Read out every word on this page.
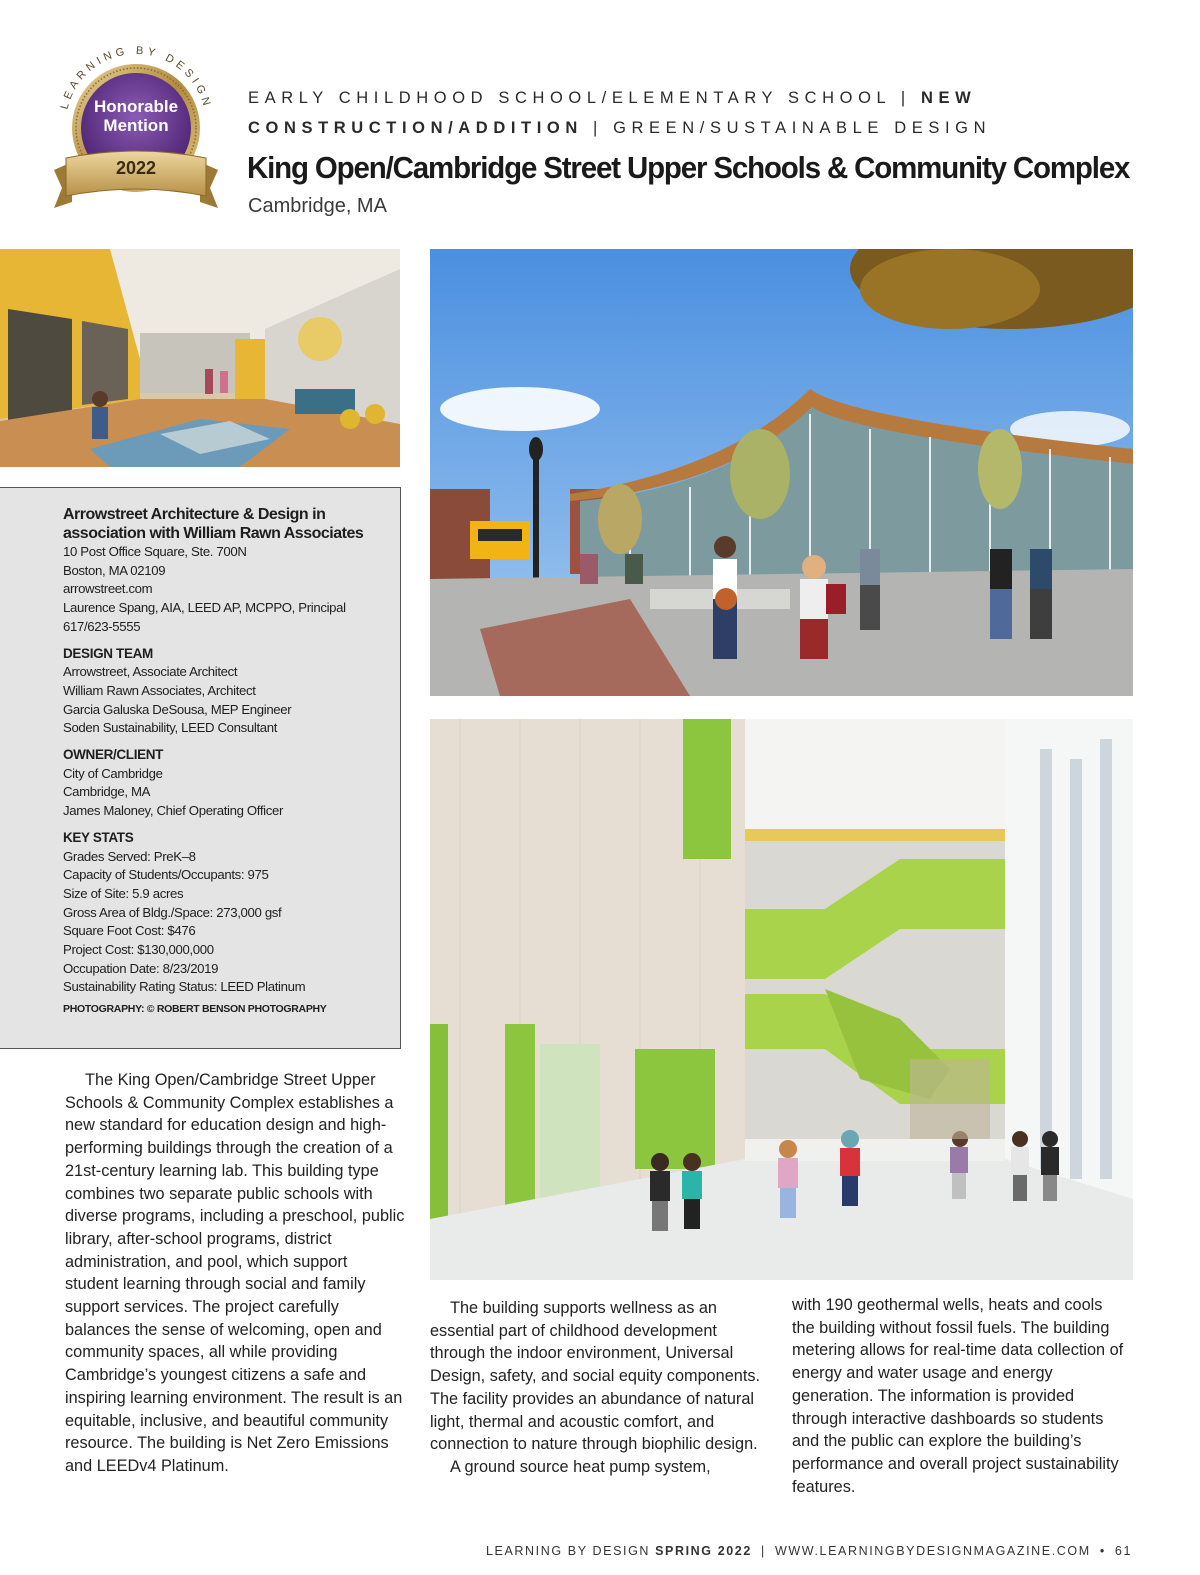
LEARNING BY DESIGN
Honorable
Mention
2022
EARLY CHILDHOOD SCHOOL/ELEMENTARY SCHOOL | NEW
CONSTRUCTION/ADDITION | GREEN/SUSTAINABLE DESIGN
King Open/Cambridge Street Upper Schools & Community Complex
Cambridge, MA

Arrowstreet Architecture & Design in

association with William Rawn Associates

10 Post Office Square, Ste. 700N

Boston, MA 02109

arrowstreet.com

Laurence Spang, AIA, LEED AP, MCPPO, Principal

617/623-5555

DESIGN TEAM

Arrowstreet, Associate Architect

William Rawn Associates, Architect

Garcia Galuska DeSousa, MEP Engineer

Soden Sustainability, LEED Consultant

OWNER/CLIENT

City of Cambridge

Cambridge, MA

James Maloney, Chief Operating Officer

KEY STATS

Grades Served: PreK–8

Capacity of Students/Occupants: 975

Size of Site: 5.9 acres

Gross Area of Bldg./Space: 273,000 gsf

Square Foot Cost: $476

Project Cost: $130,000,000

Occupation Date: 8/23/2019

Sustainability Rating Status: LEED Platinum

PHOTOGRAPHY: © ROBERT BENSON PHOTOGRAPHY

The King Open/Cambridge Street Upper Schools & Community Complex establishes a new standard for education design and high-performing buildings through the creation of a 21st-century learning lab. This building type combines two separate public schools with diverse programs, including a preschool, public library, after-school programs, district administration, and pool, which support student learning through social and family support services. The project carefully balances the sense of welcoming, open and community spaces, all while providing Cambridge’s youngest citizens a safe and inspiring learning environment. The result is an equitable, inclusive, and beautiful community resource. The building is Net Zero Emissions and LEEDv4 Platinum.

The building supports wellness as an essential part of childhood development through the indoor environment, Universal Design, safety, and social equity components. The facility provides an abundance of natural light, thermal and acoustic comfort, and connection to nature through biophilic design.

A ground source heat pump system,

with 190 geothermal wells, heats and cools the building without fossil fuels. The building metering allows for real-time data collection of energy and water usage and energy generation. The information is provided through interactive dashboards so students and the public can explore the building’s performance and overall project sustainability features.

LEARNING BY DESIGN SPRING 2022 | WWW.LEARNINGBYDESIGNMAGAZINE.COM • 61
